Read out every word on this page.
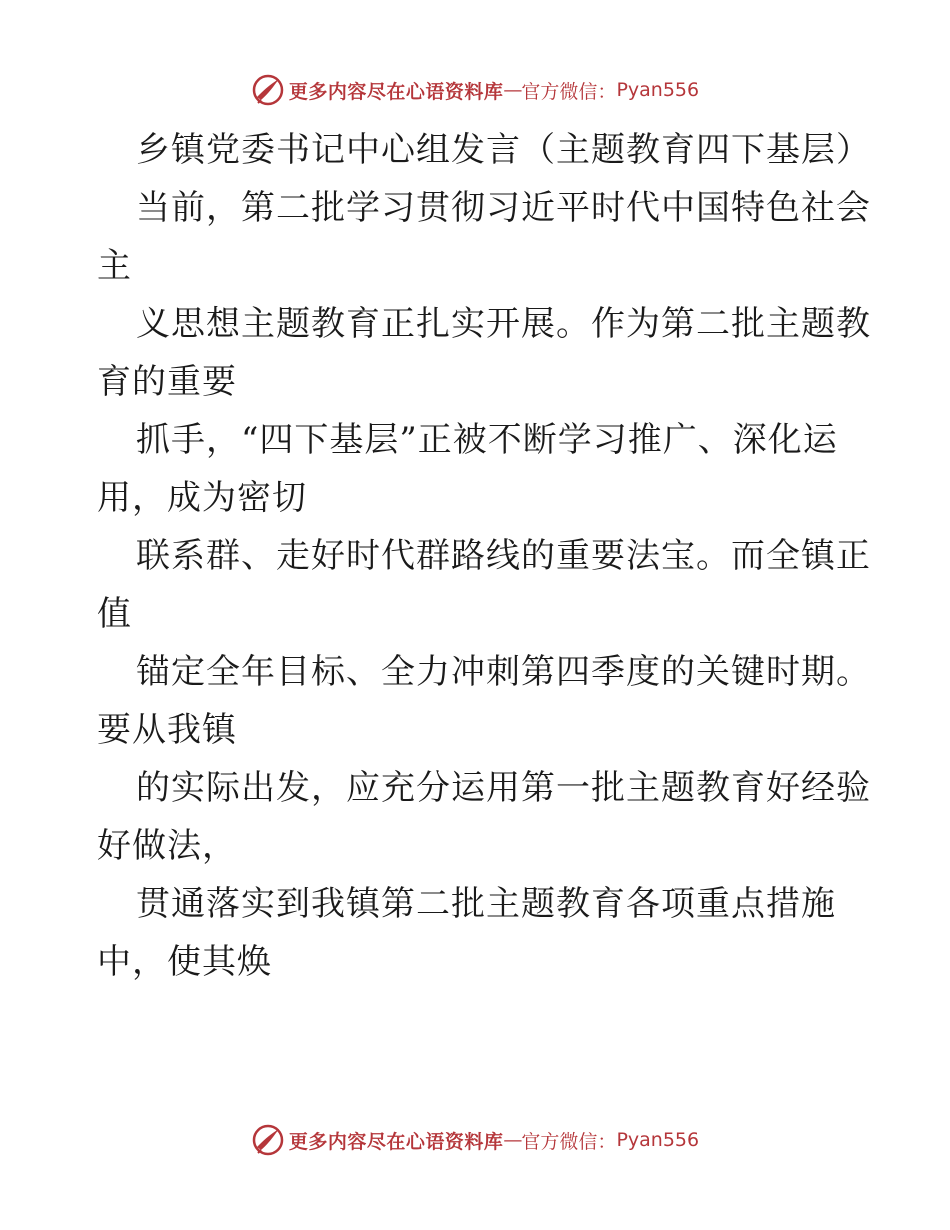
更多内容尽在心语资料库 — 官方微信： Pyan556
乡镇党委书记中心组发言（主题教育四下基层）
当前，第二批学习贯彻习近平时代中国特色社会
主
义思想主题教育正扎实开展。作为第二批主题教
育的重要
抓手，“四下基层”正被不断学习推广、深化运
用，成为密切
联系群、走好时代群路线的重要法宝。而全镇正
值
锚定全年目标、全力冲刺第四季度的关键时期。
要从我镇
的实际出发，应充分运用第一批主题教育好经验
好做法，
贯通落实到我镇第二批主题教育各项重点措施
中，使其焕
更多内容尽在心语资料库 — 官方微信： Pyan556
